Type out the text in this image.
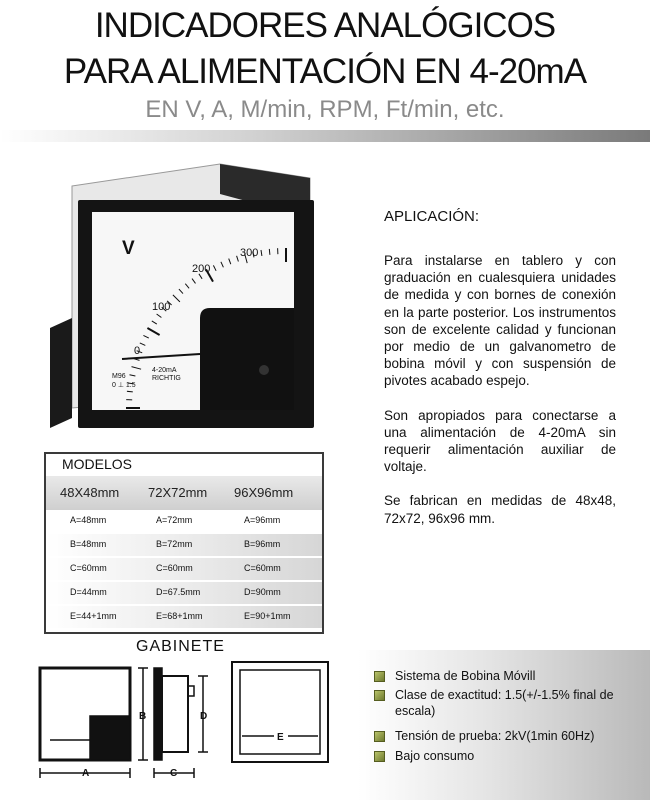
INDICADORES ANALÓGICOS
PARA ALIMENTACIÓN EN 4-20mA
EN V, A, M/min, RPM, Ft/min, etc.
V
0
100
200
300
M96
4-20mA
0 ⊥ 1.5
RICHTIG
APLICACIÓN:

Para instalarse en tablero y con graduación en cualesquiera unidades de medida y con bornes de conexión en la parte posterior. Los instrumentos son de excelente calidad y funcionan por medio de un galvanometro de bobina móvil y con suspensión de pivotes acabado espejo.

Son apropiados para conectarse a una alimentación de 4-20mA sin requerir alimentación auxiliar de voltaje.

Se fabrican en medidas de 48x48, 72x72, 96x96 mm.

MODELOS
48X48mm 72X72mm 96X96mm
A=48mm	A=72mm	A=96mm
B=48mm	B=72mm	B=96mm
C=60mm	C=60mm	C=60mm
D=44mm	D=67.5mm	D=90mm
E=44+1mm	E=68+1mm	E=90+1mm
GABINETE
A
B
C
D
E
Sistema de Bobina Móvill
Clase de exactitud: 1.5(+/-1.5% final de escala)
Tensión de prueba: 2kV(1min 60Hz)
Bajo consumo
